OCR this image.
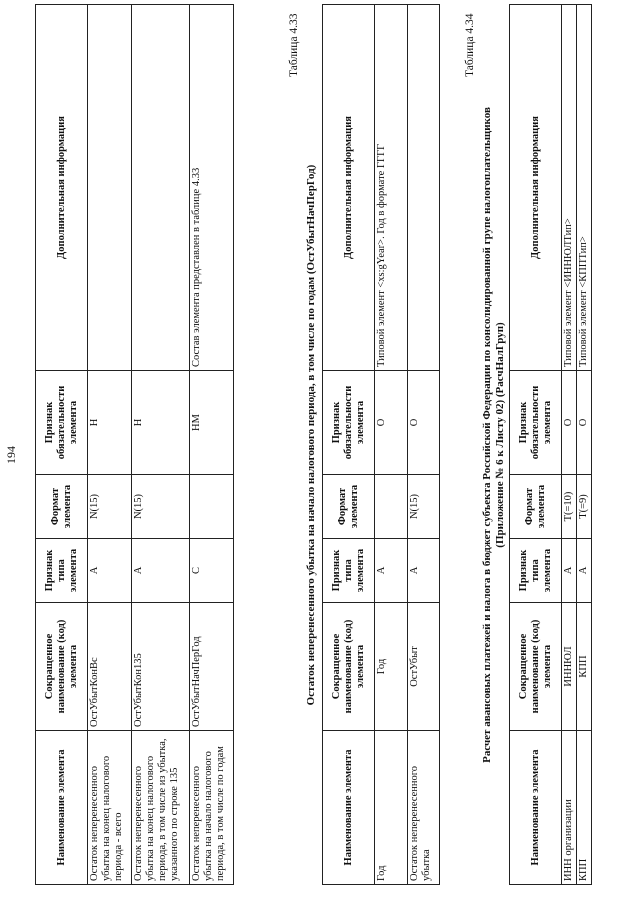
194
Наименование элемента	Сокращенное наименование (код) элемента	Признак типа элемента	Формат элемента	Признак обязательности элемента	Дополнительная информация
Остаток неперенесенного убытка на конец налогового периода - всего	ОстУбытКонВс	А	N(15)	Н	
Остаток неперенесенного убытка на конец налогового периода, в том числе из убытка, указанного по строке 135	ОстУбытКон135	А	N(15)	Н	
Остаток неперенесенного убытка на начало налогового периода, в том числе по годам	ОстУбытНачПерГод	С		НМ	Состав элемента представлен в таблице 4.33
Таблица 4.33
Остаток неперенесенного убытка на начало налогового периода, в том числе по годам (ОстУбытНачПерГод)
Наименование элемента	Сокращенное наименование (код) элемента	Признак типа элемента	Формат элемента	Признак обязательности элемента	Дополнительная информация
Год	Год	А		О	Типовой элемент <xs:gYear>. Год в формате ГГГГ
Остаток неперенесенного убытка	ОстУбыт	А	N(15)	О	
Таблица 4.34
Расчет авансовых платежей и налога в бюджет субъекта Российской Федерации по консолидированной групе налогоплательщиков (Приложение № 6 к Листу 02) (РасчНалГруп)
Наименование элемента	Сокращенное наименование (код) элемента	Признак типа элемента	Формат элемента	Признак обязательности элемента	Дополнительная информация
ИНН организации	ИННЮЛ	А	T(=10)	О	Типовой элемент <ИННЮЛТип>
КПП	КПП	А	T(=9)	О	Типовой элемент <КППТип>
